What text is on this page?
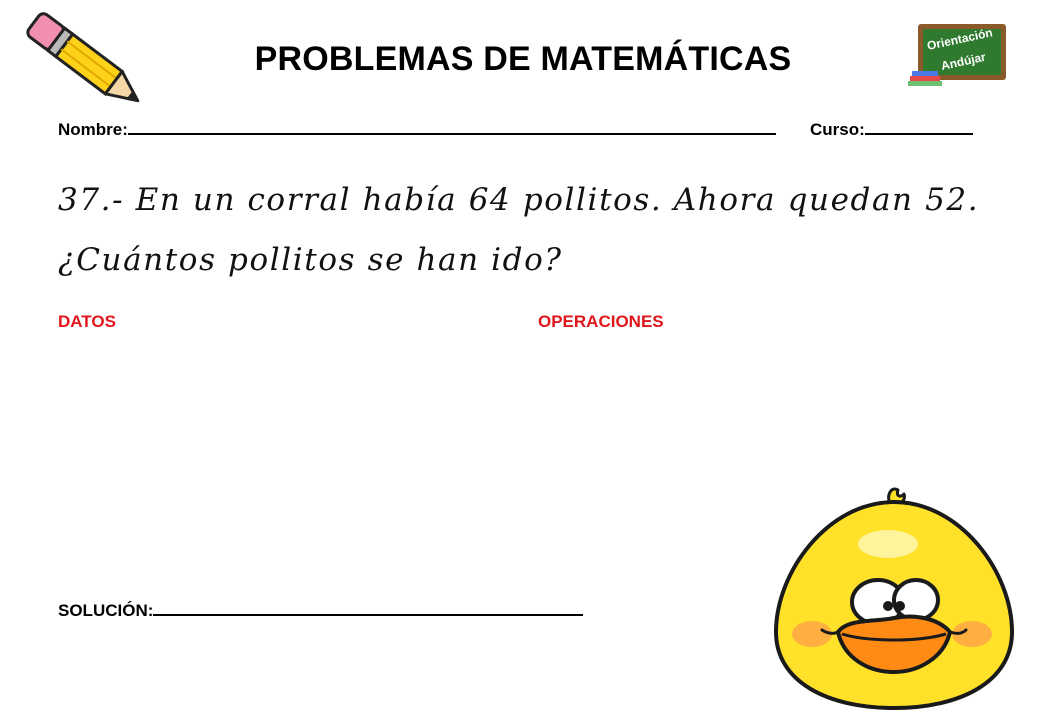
PROBLEMAS DE MATEMÁTICAS
Orientación
Andújar
Nombre:	Curso:
37.- En un corral había 64 pollitos. Ahora quedan 52.
¿Cuántos pollitos se han ido?
DATOS	OPERACIONES
SOLUCIÓN:
